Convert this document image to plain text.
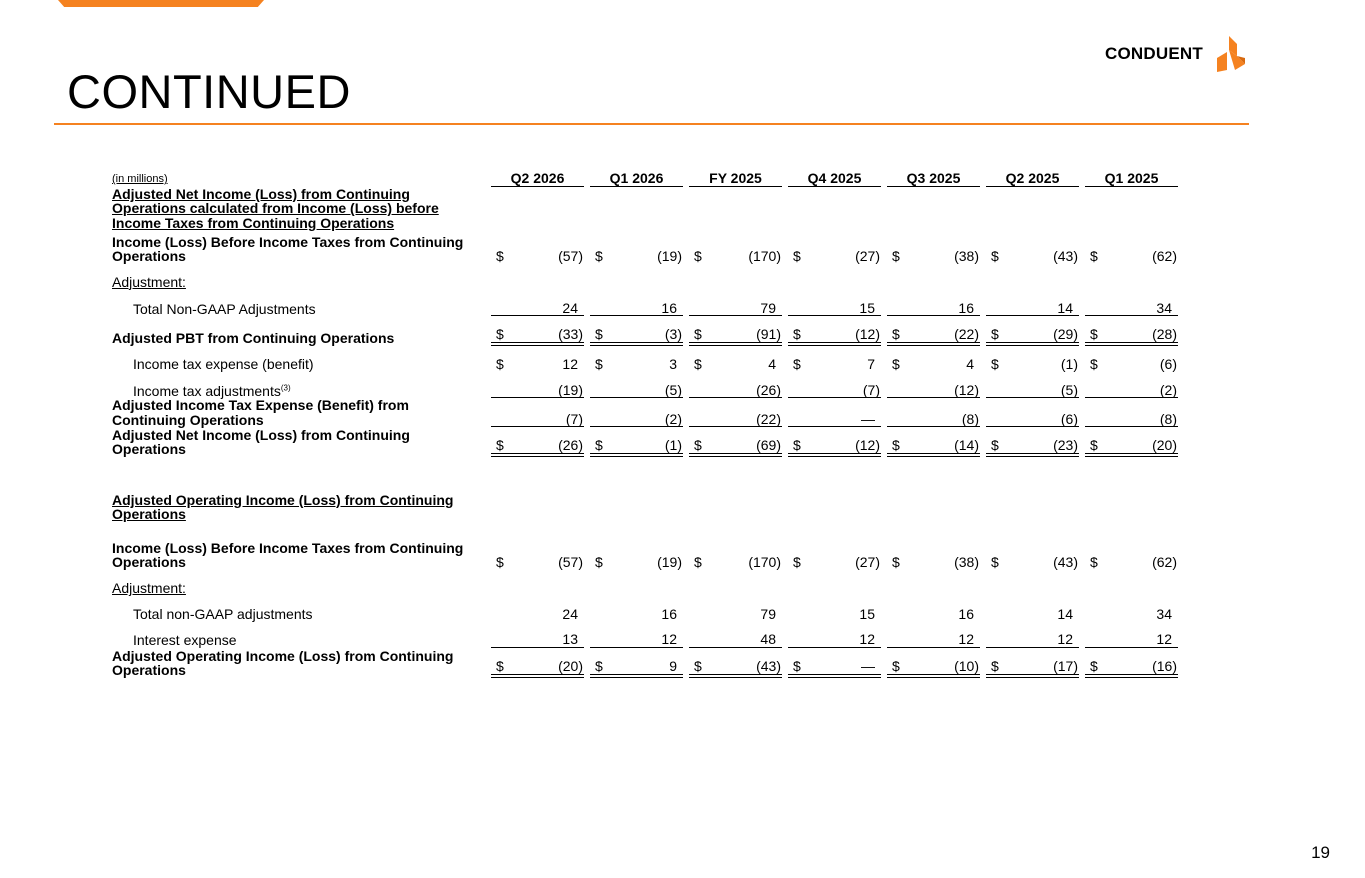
CONTINUED
CONDUENT
(in millions)		Q2 2026		Q1 2026		FY 2025		Q4 2025		Q3 2025		Q2 2025		Q1 2025
Adjusted Net Income (Loss) from Continuing Operations calculated from Income (Loss) before Income Taxes from Continuing Operations														
Income (Loss) Before Income Taxes from Continuing Operations		$ (57)		$ (19)		$ (170)		$ (27)		$ (38)		$ (43)		$ (62)

Adjustment:														
Total Non-GAAP Adjustments		24		16		79		15		16		14		34

Adjusted PBT from Continuing Operations		$ (33)		$ (3)		$ (91)		$ (12)		$ (22)		$ (29)		$ (28)

Income tax expense (benefit)		$ 12		$ 3		$ 4		$ 7		$ 4		$ (1)		$ (6)

Income tax adjustments$^{(3)}$		(19)		(5)		(26)		(7)		(12)		(5)		(2)

Adjusted Income Tax Expense (Benefit) from Continuing Operations		(7)		(2)		(22)		—		(8)		(6)		(8)

Adjusted Net Income (Loss) from Continuing Operations		$ (26)		$ (1)		$ (69)		$ (12)		$ (14)		$ (23)		$ (20)

Adjusted Operating Income (Loss) from Continuing Operations														
Income (Loss) Before Income Taxes from Continuing Operations		$ (57)		$ (19)		$ (170)		$ (27)		$ (38)		$ (43)		$ (62)

Adjustment:														
Total non-GAAP adjustments		24		16		79		15		16		14		34

Interest expense		13		12		48		12		12		12		12

Adjusted Operating Income (Loss) from Continuing Operations		$ (20)		$ 9		$ (43)		$ —		$ (10)		$ (17)		$ (16)
19
